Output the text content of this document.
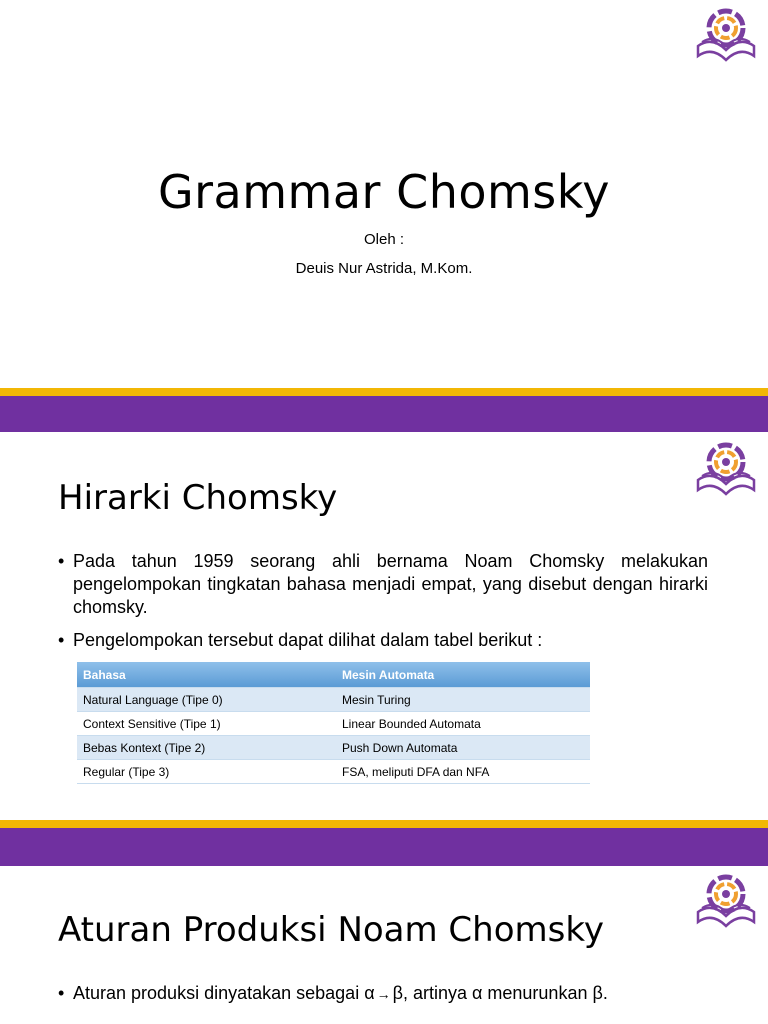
Grammar Chomsky
Oleh :
Deuis Nur Astrida, M.Kom.
Hirarki Chomsky
• Pada tahun 1959 seorang ahli bernama Noam Chomsky melakukan pengelompokan tingkatan bahasa menjadi empat, yang disebut dengan hirarki chomsky.
• Pengelompokan tersebut dapat dilihat dalam tabel berikut :
Bahasa	Mesin Automata
Natural Language (Tipe 0)	Mesin Turing
Context Sensitive (Tipe 1)	Linear Bounded Automata
Bebas Kontext (Tipe 2)	Push Down Automata
Regular (Tipe 3)	FSA, meliputi DFA dan NFA
Aturan Produksi Noam Chomsky
• Aturan produksi dinyatakan sebagai α → β, artinya α menurunkan β.
